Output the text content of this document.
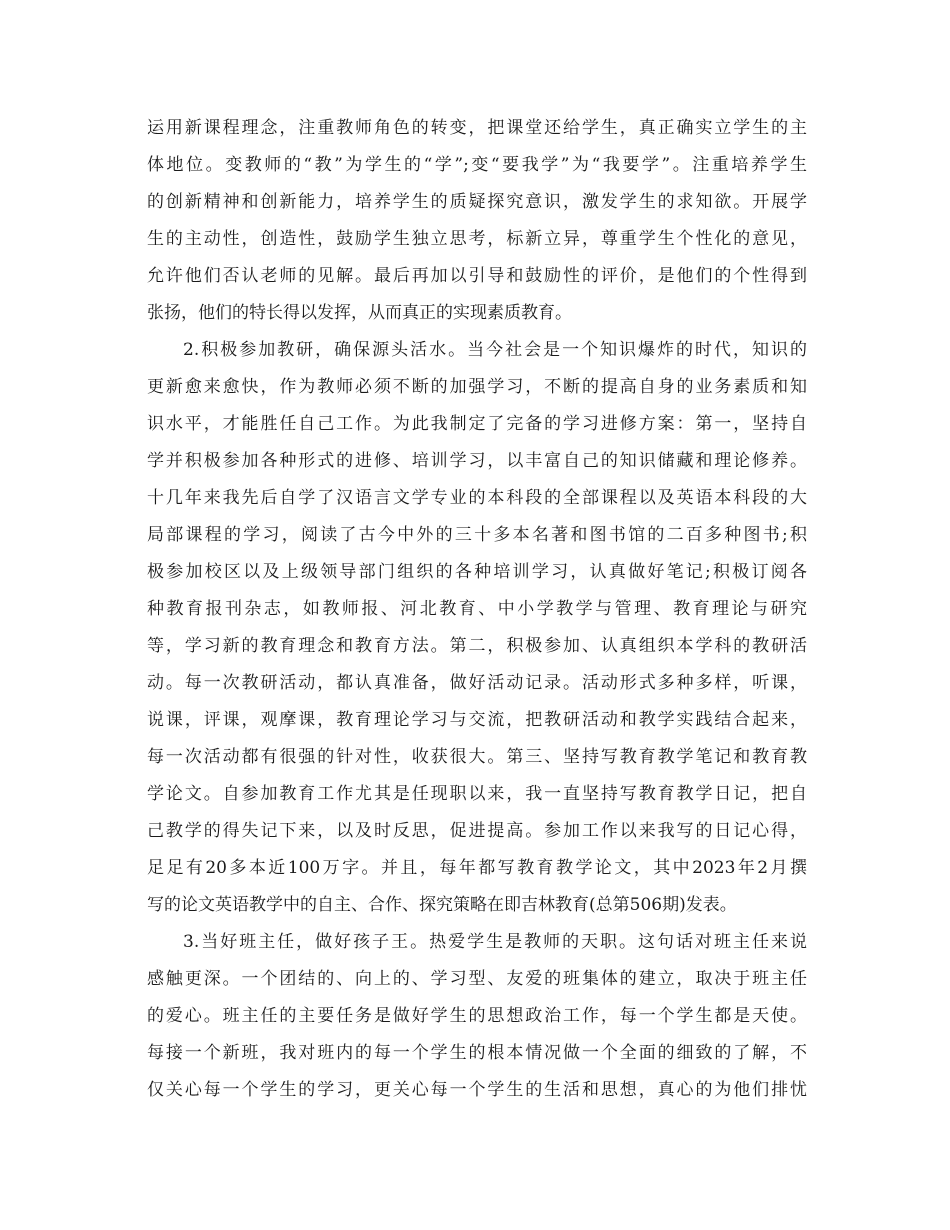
运用新课程理念，注重教师角色的转变，把课堂还给学生，真正确实立学生的主
体地位。变教师的“教”为学生的“学”;变“要我学”为“我要学”。注重培养学生
的创新精神和创新能力，培养学生的质疑探究意识，激发学生的求知欲。开展学
生的主动性，创造性，鼓励学生独立思考，标新立异，尊重学生个性化的意见，
允许他们否认老师的见解。最后再加以引导和鼓励性的评价，是他们的个性得到
张扬，他们的特长得以发挥，从而真正的实现素质教育。
2.积极参加教研，确保源头活水。当今社会是一个知识爆炸的时代，知识的
更新愈来愈快，作为教师必须不断的加强学习，不断的提高自身的业务素质和知
识水平，才能胜任自己工作。为此我制定了完备的学习进修方案：第一，坚持自
学并积极参加各种形式的进修、培训学习，以丰富自己的知识储藏和理论修养。
十几年来我先后自学了汉语言文学专业的本科段的全部课程以及英语本科段的大
局部课程的学习，阅读了古今中外的三十多本名著和图书馆的二百多种图书;积
极参加校区以及上级领导部门组织的各种培训学习，认真做好笔记;积极订阅各
种教育报刊杂志，如教师报、河北教育、中小学教学与管理、教育理论与研究
等，学习新的教育理念和教育方法。第二，积极参加、认真组织本学科的教研活
动。每一次教研活动，都认真准备，做好活动记录。活动形式多种多样，听课，
说课，评课，观摩课，教育理论学习与交流，把教研活动和教学实践结合起来，
每一次活动都有很强的针对性，收获很大。第三、坚持写教育教学笔记和教育教
学论文。自参加教育工作尤其是任现职以来，我一直坚持写教育教学日记，把自
己教学的得失记下来，以及时反思，促进提高。参加工作以来我写的日记心得，
足足有20多本近100万字。并且，每年都写教育教学论文，其中2023年2月撰
写的论文英语教学中的自主、合作、探究策略在即吉林教育(总第506期)发表。
3.当好班主任，做好孩子王。热爱学生是教师的天职。这句话对班主任来说
感触更深。一个团结的、向上的、学习型、友爱的班集体的建立，取决于班主任
的爱心。班主任的主要任务是做好学生的思想政治工作，每一个学生都是天使。
每接一个新班，我对班内的每一个学生的根本情况做一个全面的细致的了解，不
仅关心每一个学生的学习，更关心每一个学生的生活和思想，真心的为他们排忧
